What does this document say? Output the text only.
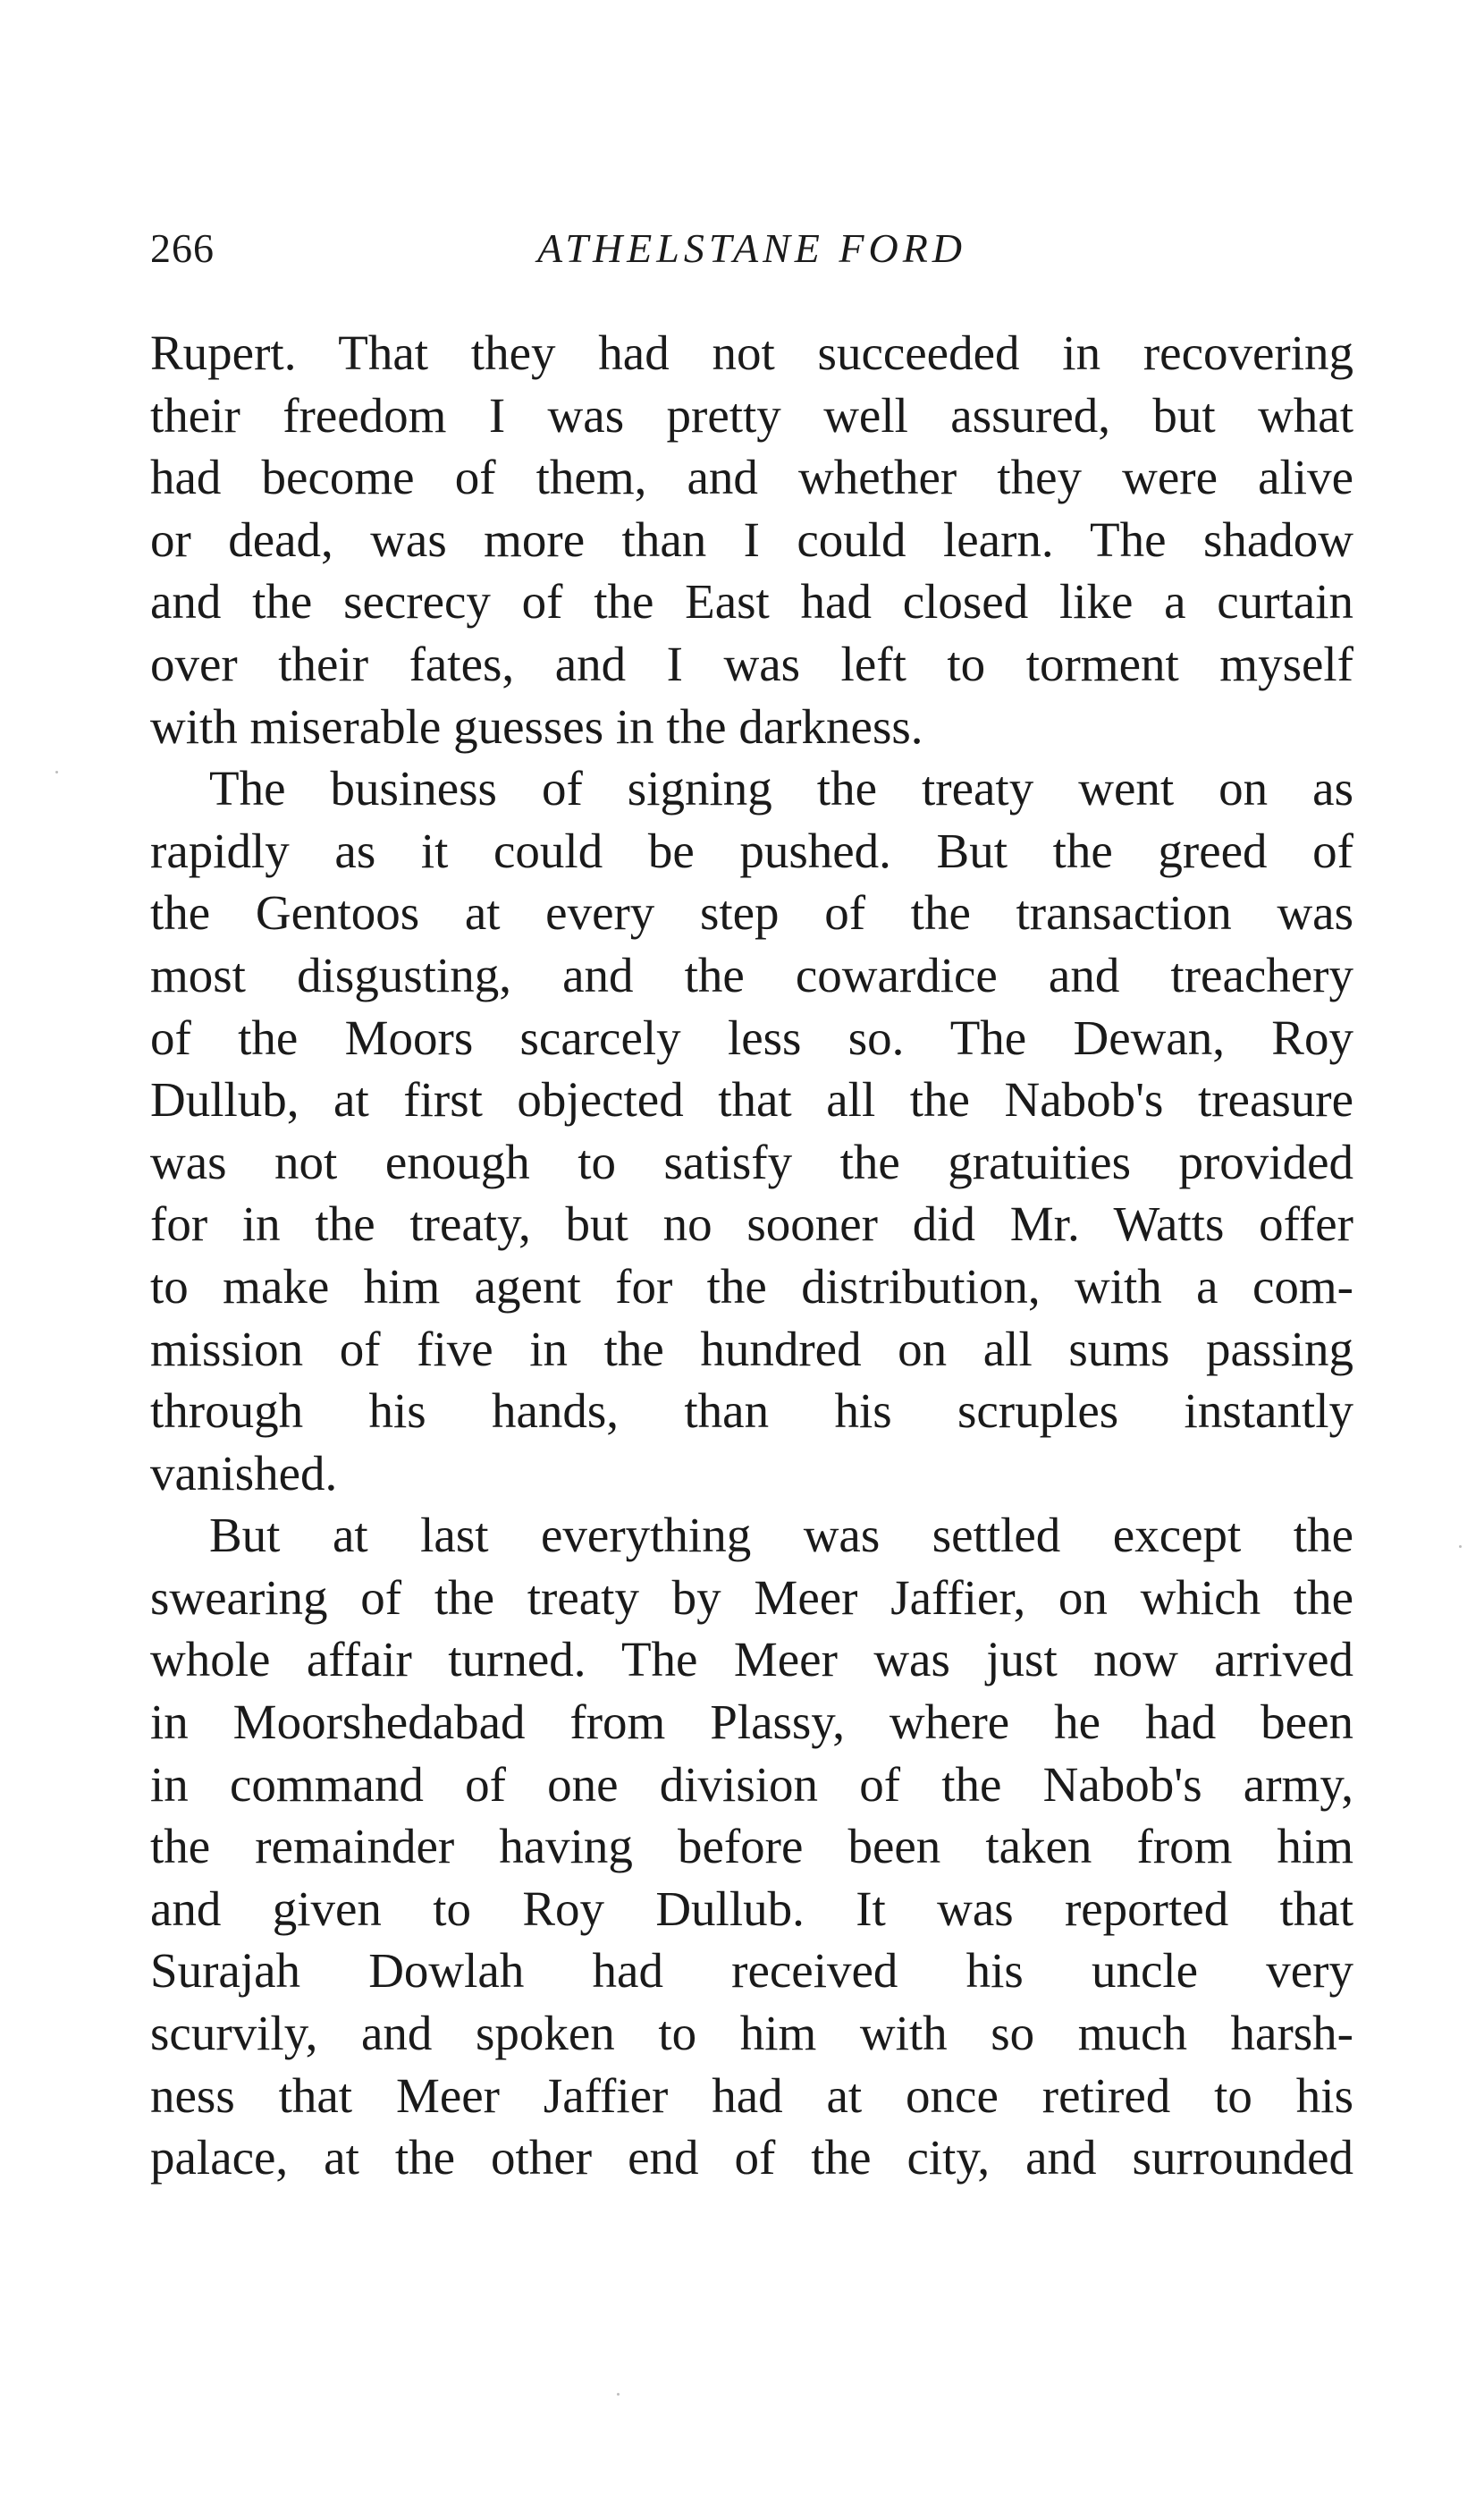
266	ATHELSTANE FORD
Rupert. That they had not succeeded in recovering
their freedom I was pretty well assured, but what
had become of them, and whether they were alive
or dead, was more than I could learn. The shadow
and the secrecy of the East had closed like a curtain
over their fates, and I was left to torment myself
with miserable guesses in the darkness.
The business of signing the treaty went on as
rapidly as it could be pushed. But the greed of
the Gentoos at every step of the transaction was
most disgusting, and the cowardice and treachery
of the Moors scarcely less so. The Dewan, Roy
Dullub, at first objected that all the Nabob's treasure
was not enough to satisfy the gratuities provided
for in the treaty, but no sooner did Mr. Watts offer
to make him agent for the distribution, with a com-
mission of five in the hundred on all sums passing
through his hands, than his scruples instantly
vanished.
But at last everything was settled except the
swearing of the treaty by Meer Jaffier, on which the
whole affair turned. The Meer was just now arrived
in Moorshedabad from Plassy, where he had been
in command of one division of the Nabob's army,
the remainder having before been taken from him
and given to Roy Dullub. It was reported that
Surajah Dowlah had received his uncle very
scurvily, and spoken to him with so much harsh-
ness that Meer Jaffier had at once retired to his
palace, at the other end of the city, and surrounded
